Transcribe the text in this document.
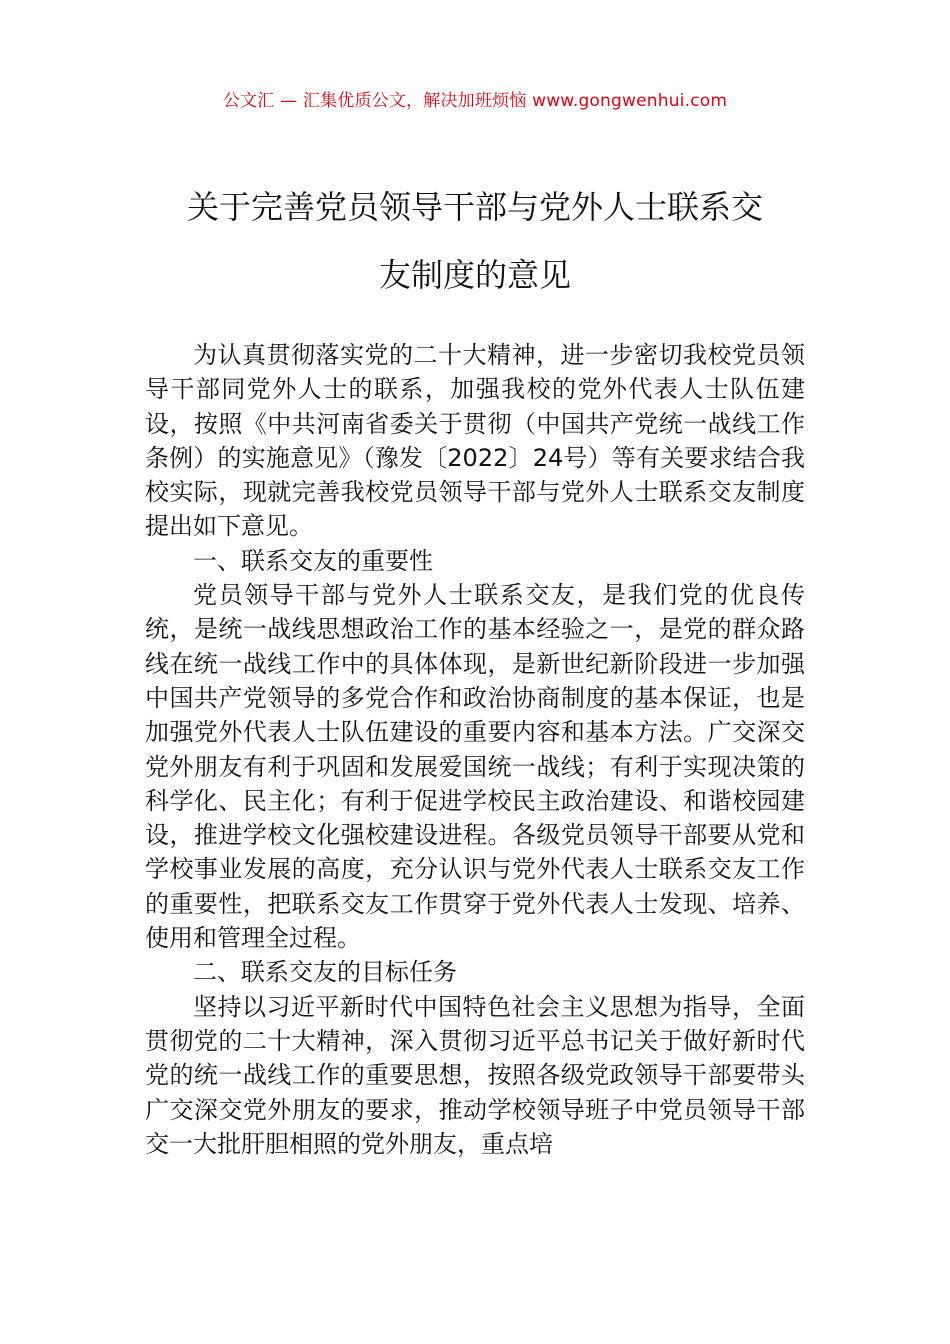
公文汇 — 汇集优质公文，解决加班烦恼 www.gongwenhui.com
关于完善党员领导干部与党外人士联系交
友制度的意见

为认真贯彻落实党的二十大精神，进一步密切我校党员领导干部同党外人士的联系，加强我校的党外代表人士队伍建设，按照《中共河南省委关于贯彻（中国共产党统一战线工作条例）的实施意见》（豫发〔2022〕24号）等有关要求结合我校实际，现就完善我校党员领导干部与党外人士联系交友制度提出如下意见。

一、联系交友的重要性

党员领导干部与党外人士联系交友，是我们党的优良传统，是统一战线思想政治工作的基本经验之一，是党的群众路线在统一战线工作中的具体体现，是新世纪新阶段进一步加强中国共产党领导的多党合作和政治协商制度的基本保证，也是加强党外代表人士队伍建设的重要内容和基本方法。广交深交党外朋友有利于巩固和发展爱国统一战线；有利于实现决策的科学化、民主化；有利于促进学校民主政治建设、和谐校园建设，推进学校文化强校建设进程。各级党员领导干部要从党和学校事业发展的高度，充分认识与党外代表人士联系交友工作的重要性，把联系交友工作贯穿于党外代表人士发现、培养、使用和管理全过程。

二、联系交友的目标任务

坚持以习近平新时代中国特色社会主义思想为指导，全面贯彻党的二十大精神，深入贯彻习近平总书记关于做好新时代党的统一战线工作的重要思想，按照各级党政领导干部要带头广交深交党外朋友的要求，推动学校领导班子中党员领导干部交一大批肝胆相照的党外朋友，重点培
